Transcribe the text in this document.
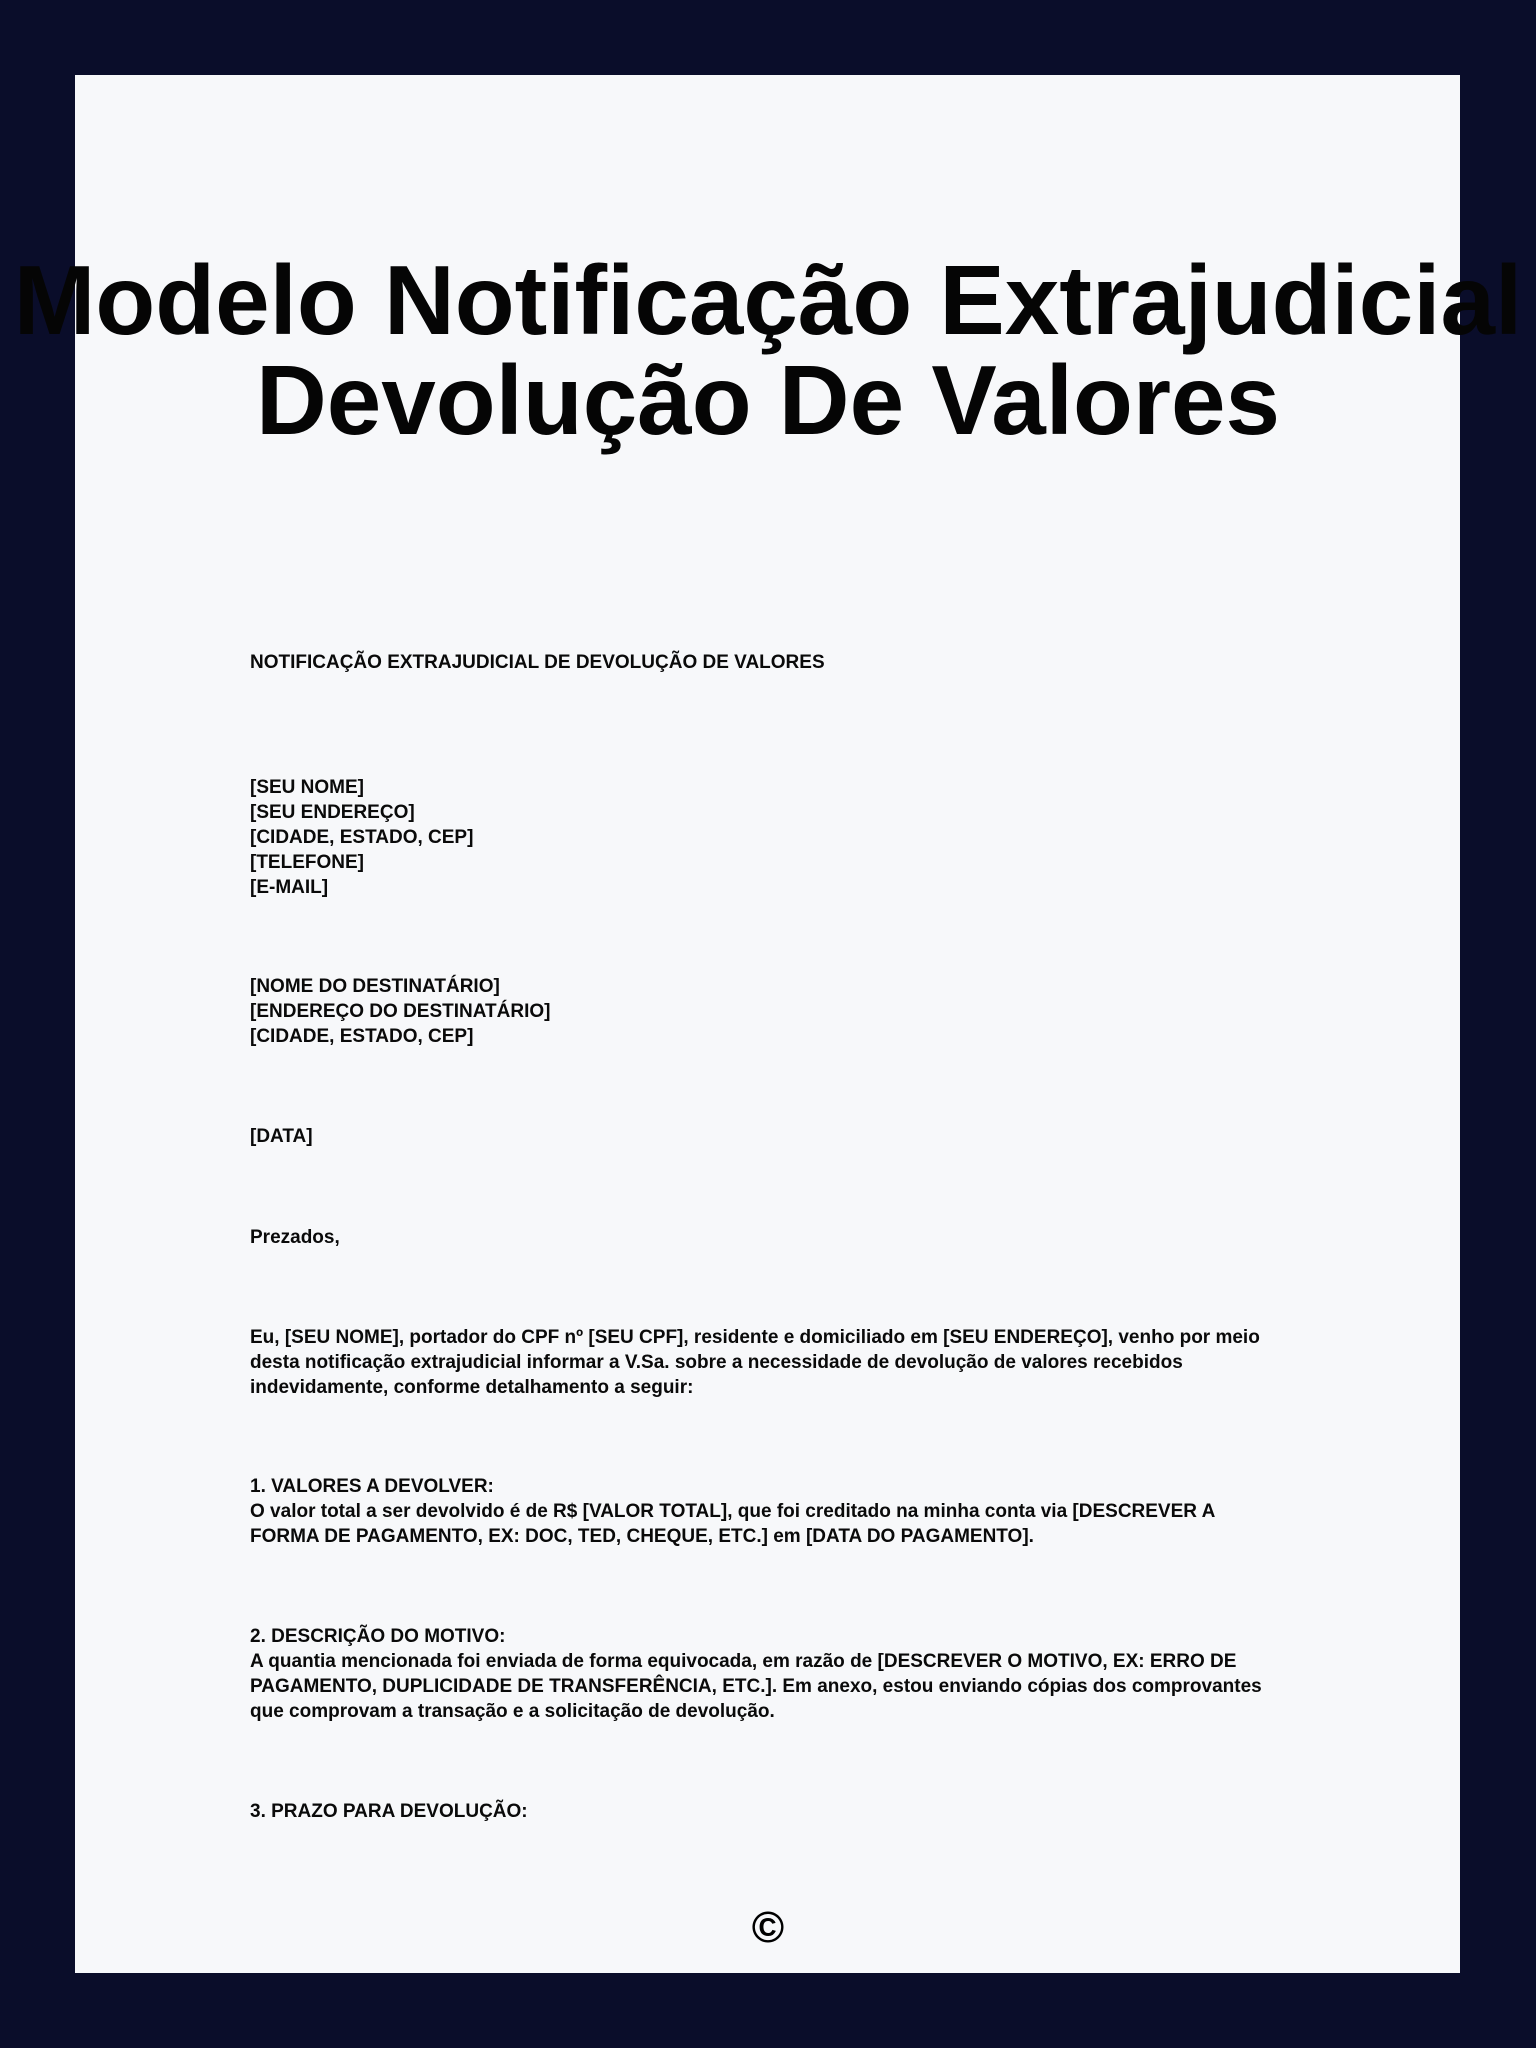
Modelo Notificação Extrajudicial Devolução De Valores
NOTIFICAÇÃO EXTRAJUDICIAL DE DEVOLUÇÃO DE VALORES
[SEU NOME]
[SEU ENDEREÇO]
[CIDADE, ESTADO, CEP]
[TELEFONE]
[E-MAIL]
[NOME DO DESTINATÁRIO]
[ENDEREÇO DO DESTINATÁRIO]
[CIDADE, ESTADO, CEP]
[DATA]
Prezados,
Eu, [SEU NOME], portador do CPF nº [SEU CPF], residente e domiciliado em [SEU ENDEREÇO], venho por meio desta notificação extrajudicial informar a V.Sa. sobre a necessidade de devolução de valores recebidos indevidamente, conforme detalhamento a seguir:
1. VALORES A DEVOLVER:
O valor total a ser devolvido é de R$ [VALOR TOTAL], que foi creditado na minha conta via [DESCREVER A FORMA DE PAGAMENTO, EX: DOC, TED, CHEQUE, ETC.] em [DATA DO PAGAMENTO].
2. DESCRIÇÃO DO MOTIVO:
A quantia mencionada foi enviada de forma equivocada, em razão de [DESCREVER O MOTIVO, EX: ERRO DE PAGAMENTO, DUPLICIDADE DE TRANSFERÊNCIA, ETC.]. Em anexo, estou enviando cópias dos comprovantes que comprovam a transação e a solicitação de devolução.
3. PRAZO PARA DEVOLUÇÃO:
©
